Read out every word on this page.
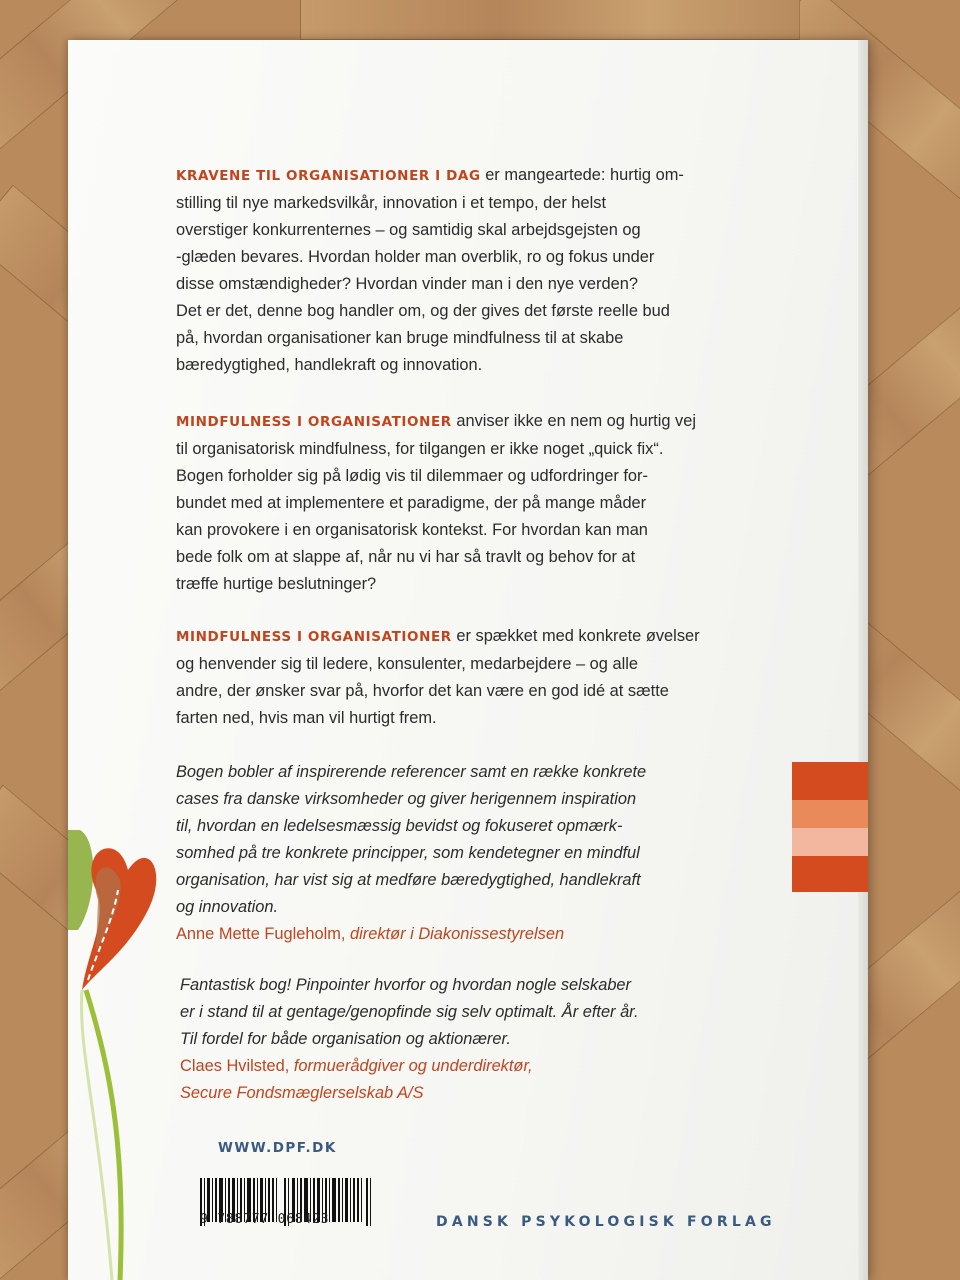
KRAVENE TIL ORGANISATIONER I DAG er mangeartede: hurtig om-

stilling til nye markedsvilkår, innovation i et tempo, der helst

overstiger konkurrenternes – og samtidig skal arbejdsgejsten og

-glæden bevares. Hvordan holder man overblik, ro og fokus under

disse omstændigheder? Hvordan vinder man i den nye verden?

Det er det, denne bog handler om, og der gives det første reelle bud

på, hvordan organisationer kan bruge mindfulness til at skabe

bæredygtighed, handlekraft og innovation.

MINDFULNESS I ORGANISATIONER anviser ikke en nem og hurtig vej

til organisatorisk mindfulness, for tilgangen er ikke noget „quick fix“.

Bogen forholder sig på lødig vis til dilemmaer og udfordringer for-

bundet med at implementere et paradigme, der på mange måder

kan provokere i en organisatorisk kontekst. For hvordan kan man

bede folk om at slappe af, når nu vi har så travlt og behov for at

træffe hurtige beslutninger?

MINDFULNESS I ORGANISATIONER er spækket med konkrete øvelser

og henvender sig til ledere, konsulenter, medarbejdere – og alle

andre, der ønsker svar på, hvorfor det kan være en god idé at sætte

farten ned, hvis man vil hurtigt frem.

Bogen bobler af inspirerende referencer samt en række konkrete

cases fra danske virksomheder og giver herigennem inspiration

til, hvordan en ledelsesmæssig bevidst og fokuseret opmærk-

somhed på tre konkrete principper, som kendetegner en mindful

organisation, har vist sig at medføre bæredygtighed, handlekraft

og innovation.

Anne Mette Fugleholm, direktør i Diakonissestyrelsen

Fantastisk bog! Pinpointer hvorfor og hvordan nogle selskaber

er i stand til at gentage/genopfinde sig selv optimalt. År efter år.

Til fordel for både organisation og aktionærer.

Claes Hvilsted, formuerådgiver og underdirektør,

Secure Fondsmæglerselskab A/S

WWW.DPF.DK
9 788777 068423	DANSK PSYKOLOGISK FORLAG
